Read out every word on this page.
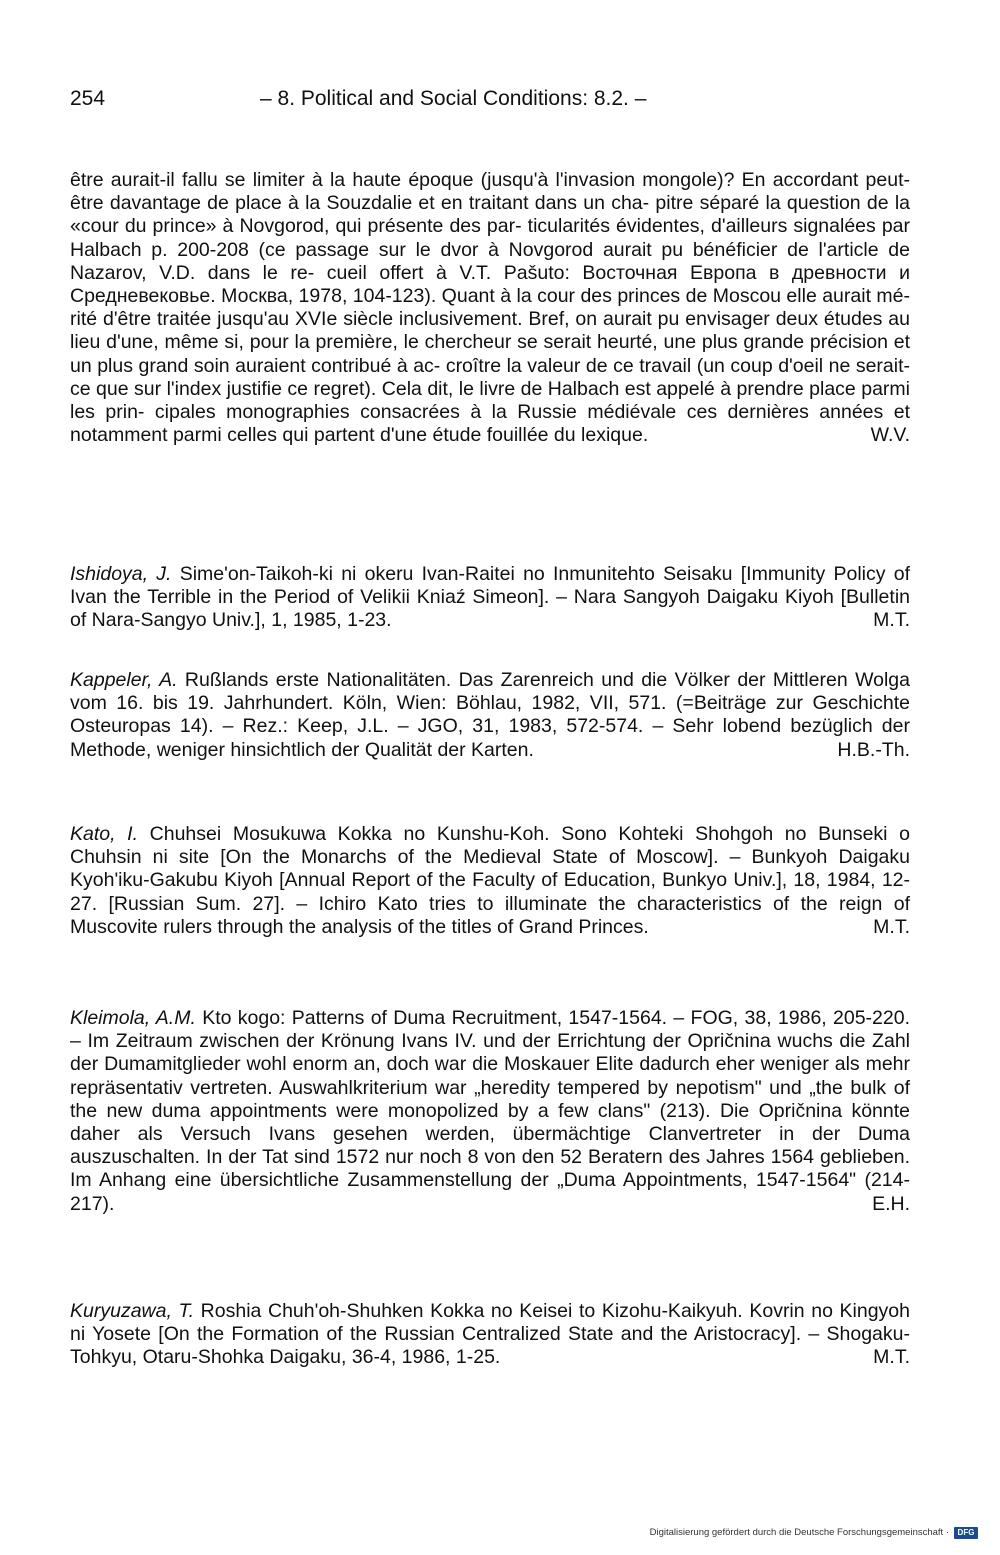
254	– 8. Political and Social Conditions: 8.2. –

être aurait-il fallu se limiter à la haute époque (jusqu'à l'invasion mongole)? En accordant peut-être davantage de place à la Souzdalie et en traitant dans un cha- pitre séparé la question de la «cour du prince» à Novgorod, qui présente des par- ticularités évidentes, d'ailleurs signalées par Halbach p. 200-208 (ce passage sur le dvor à Novgorod aurait pu bénéficier de l'article de Nazarov, V.D. dans le re- cueil offert à V.T. Pašuto: Восточная Европа в древности и Средневековье. Москва, 1978, 104-123). Quant à la cour des princes de Moscou elle aurait mé- rité d'être traitée jusqu'au XVIe siècle inclusivement. Bref, on aurait pu envisager deux études au lieu d'une, même si, pour la première, le chercheur se serait heurté, une plus grande précision et un plus grand soin auraient contribué à ac- croître la valeur de ce travail (un coup d'oeil ne serait-ce que sur l'index justifie ce regret). Cela dit, le livre de Halbach est appelé à prendre place parmi les prin- cipales monographies consacrées à la Russie médiévale ces dernières années et notamment parmi celles qui partent d'une étude fouillée du lexique.	W.V.

Ishidoya, J. Sime'on-Taikoh-ki ni okeru Ivan-Raitei no Inmunitehto Seisaku [Immunity Policy of Ivan the Terrible in the Period of Velikii Kniaź Simeon]. – Nara Sangyoh Daigaku Kiyoh [Bulletin of Nara-Sangyo Univ.], 1, 1985, 1-23.	M.T.

Kappeler, A. Rußlands erste Nationalitäten. Das Zarenreich und die Völker der Mittleren Wolga vom 16. bis 19. Jahrhundert. Köln, Wien: Böhlau, 1982, VII, 571. (=Beiträge zur Geschichte Osteuropas 14). – Rez.: Keep, J.L. – JGO, 31, 1983, 572-574. – Sehr lobend bezüglich der Methode, weniger hinsichtlich der Qualität der Karten.	H.B.-Th.

Kato, I. Chuhsei Mosukuwa Kokka no Kunshu-Koh. Sono Kohteki Shohgoh no Bunseki o Chuhsin ni site [On the Monarchs of the Medieval State of Moscow]. – Bunkyoh Daigaku Kyoh'iku-Gakubu Kiyoh [Annual Report of the Faculty of Education, Bunkyo Univ.], 18, 1984, 12-27. [Russian Sum. 27]. – Ichiro Kato tries to illuminate the characteristics of the reign of Muscovite rulers through the analysis of the titles of Grand Princes.	M.T.

Kleimola, A.M. Kto kogo: Patterns of Duma Recruitment, 1547-1564. – FOG, 38, 1986, 205-220. – Im Zeitraum zwischen der Krönung Ivans IV. und der Errichtung der Opričnina wuchs die Zahl der Dumamitglieder wohl enorm an, doch war die Moskauer Elite dadurch eher weniger als mehr repräsentativ vertreten. Auswahlkriterium war „heredity tempered by nepotism" und „the bulk of the new duma appointments were monopolized by a few clans" (213). Die Opričnina könnte daher als Versuch Ivans gesehen werden, übermächtige Clanvertreter in der Duma auszuschalten. In der Tat sind 1572 nur noch 8 von den 52 Beratern des Jahres 1564 geblieben. Im Anhang eine übersichtliche Zusammenstellung der „Duma Appointments, 1547-1564" (214-217).	E.H.

Kuryuzawa, T. Roshia Chuh'oh-Shuhken Kokka no Keisei to Kizohu-Kaikyuh. Kovrin no Kingyoh ni Yosete [On the Formation of the Russian Centralized State and the Aristocracy]. – Shogaku-Tohkyu, Otaru-Shohka Daigaku, 36-4, 1986, 1-25.	M.T.

Digitalisierung gefördert durch die Deutsche Forschungsgemeinschaft ·	DFG
